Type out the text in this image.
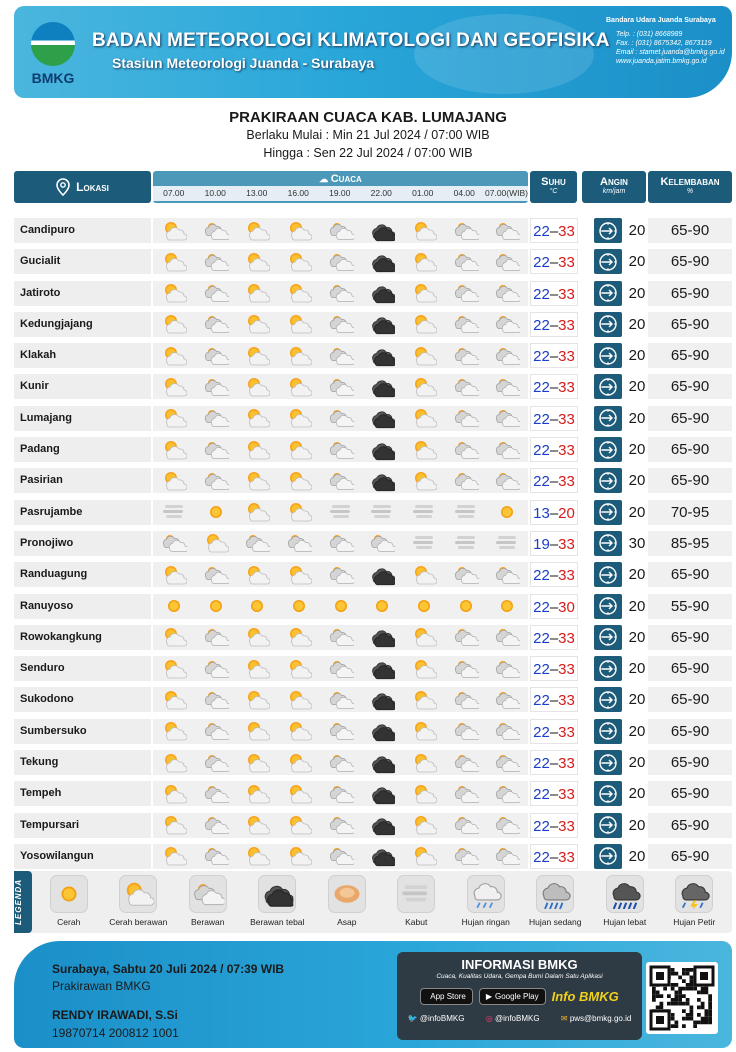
BMKG
BADAN METEOROLOGI KLIMATOLOGI DAN GEOFISIKA
Stasiun Meteorologi Juanda - Surabaya
Bandara Udara Juanda Surabaya
Telp. : (031) 8668989
Fax. : (031) 8675342, 8673119
Email : stamet.juanda@bmkg.go.id
www.juanda.jatim.bmkg.go.id
PRAKIRAAN CUACA KAB. LUMAJANG
Berlaku Mulai : Min 21 Jul 2024 / 07:00 WIB
Hingga : Sen 22 Jul 2024 / 07:00 WIB
Lokasi
☁ Cuaca
07.00	10.00	13.00	16.00	19.00	22.00	01.00	04.00	07.00(WIB)
Suhu
°C
Angin
km/jam
Kelembaban
%
Candipuro	22–33	20	65-90
Gucialit	22–33	20	65-90
Jatiroto	22–33	20	65-90
Kedungjajang	22–33	20	65-90
Klakah	22–33	20	65-90
Kunir	22–33	20	65-90
Lumajang	22–33	20	65-90
Padang	22–33	20	65-90
Pasirian	22–33	20	65-90
Pasrujambe	13–20	20	70-95
Pronojiwo	19–33	30	85-95
Randuagung	22–33	20	65-90
Ranuyoso	22–30	20	55-90
Rowokangkung	22–33	20	65-90
Senduro	22–33	20	65-90
Sukodono	22–33	20	65-90
Sumbersuko	22–33	20	65-90
Tekung	22–33	20	65-90
Tempeh	22–33	20	65-90
Tempursari	22–33	20	65-90
Yosowilangun	22–33	20	65-90
LEGENDA	Cerah	Cerah berawan	Berawan	Berawan tebal	Asap	Kabut	Hujan ringan Hujan sedang	Hujan lebat	Hujan Petir
Surabaya, Sabtu 20 Juli 2024 / 07:39 WIB
Prakirawan BMKG
RENDY IRAWADI, S.Si
19870714 200812 1001
INFORMASI BMKG
Cuaca, Kualitas Udara, Gempa Bumi Dalam Satu Aplikasi
App Store	▶ Google Play Info BMKG
🐦 @infoBMKG	◎ @infoBMKG	✉ pws@bmkg.go.id
